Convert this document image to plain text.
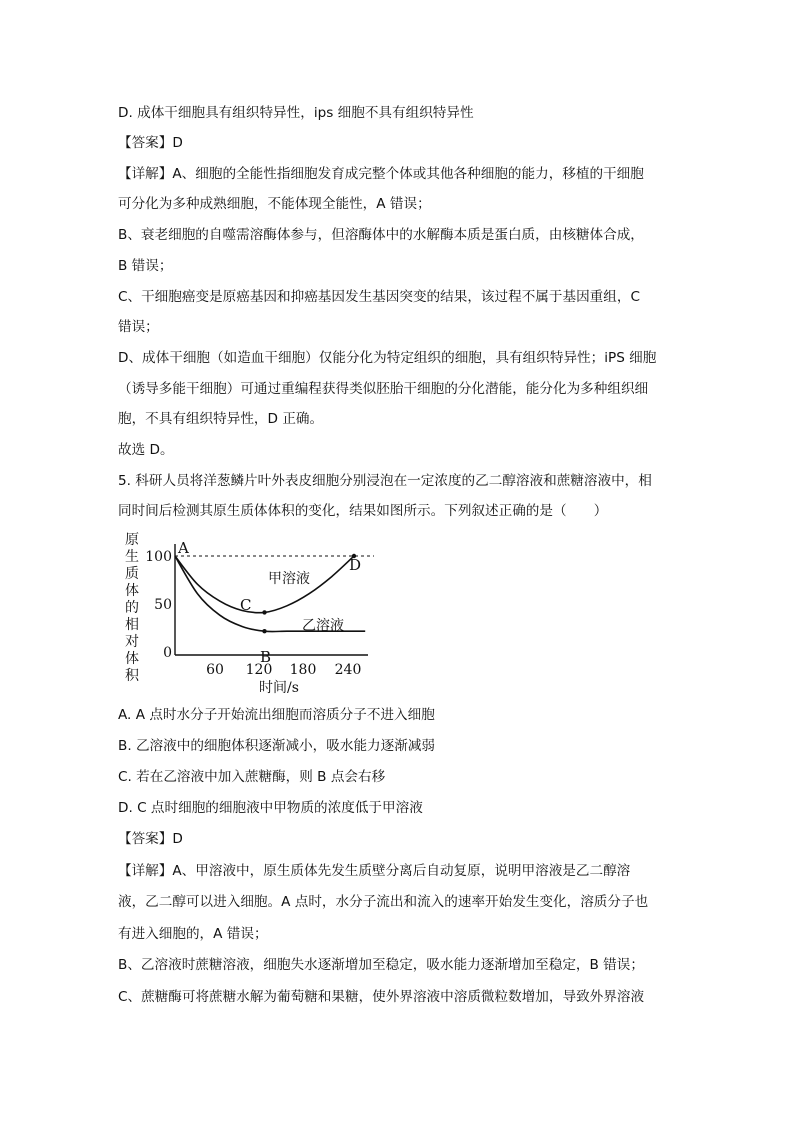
D. 成体干细胞具有组织特异性，ips 细胞不具有组织特异性
【答案】D
【详解】A、细胞的全能性指细胞发育成完整个体或其他各种细胞的能力，移植的干细胞
可分化为多种成熟细胞，不能体现全能性，A 错误；
B、衰老细胞的自噬需溶酶体参与，但溶酶体中的水解酶本质是蛋白质，由核糖体合成，
B 错误；
C、干细胞癌变是原癌基因和抑癌基因发生基因突变的结果，该过程不属于基因重组，C
错误；
D、成体干细胞（如造血干细胞）仅能分化为特定组织的细胞，具有组织特异性；iPS 细胞
（诱导多能干细胞）可通过重编程获得类似胚胎干细胞的分化潜能，能分化为多种组织细
胞，不具有组织特异性，D 正确。
故选 D。
5. 科研人员将洋葱鳞片叶外表皮细胞分别浸泡在一定浓度的乙二醇溶液和蔗糖溶液中，相
同时间后检测其原生质体体积的变化，结果如图所示。下列叙述正确的是（　　）
原
生
质
体
的
相
对
体
积
100
50
0
A
B
C
D
甲溶液
乙溶液
60 120 180 240
时间/s
A. A 点时水分子开始流出细胞而溶质分子不进入细胞
B. 乙溶液中的细胞体积逐渐减小，吸水能力逐渐减弱
C. 若在乙溶液中加入蔗糖酶，则 B 点会右移
D. C 点时细胞的细胞液中甲物质的浓度低于甲溶液
【答案】D
【详解】A、甲溶液中，原生质体先发生质壁分离后自动复原，说明甲溶液是乙二醇溶
液，乙二醇可以进入细胞。A 点时，水分子流出和流入的速率开始发生变化，溶质分子也
有进入细胞的，A 错误；
B、乙溶液时蔗糖溶液，细胞失水逐渐增加至稳定，吸水能力逐渐增加至稳定，B 错误；
C、蔗糖酶可将蔗糖水解为葡萄糖和果糖，使外界溶液中溶质微粒数增加，导致外界溶液
